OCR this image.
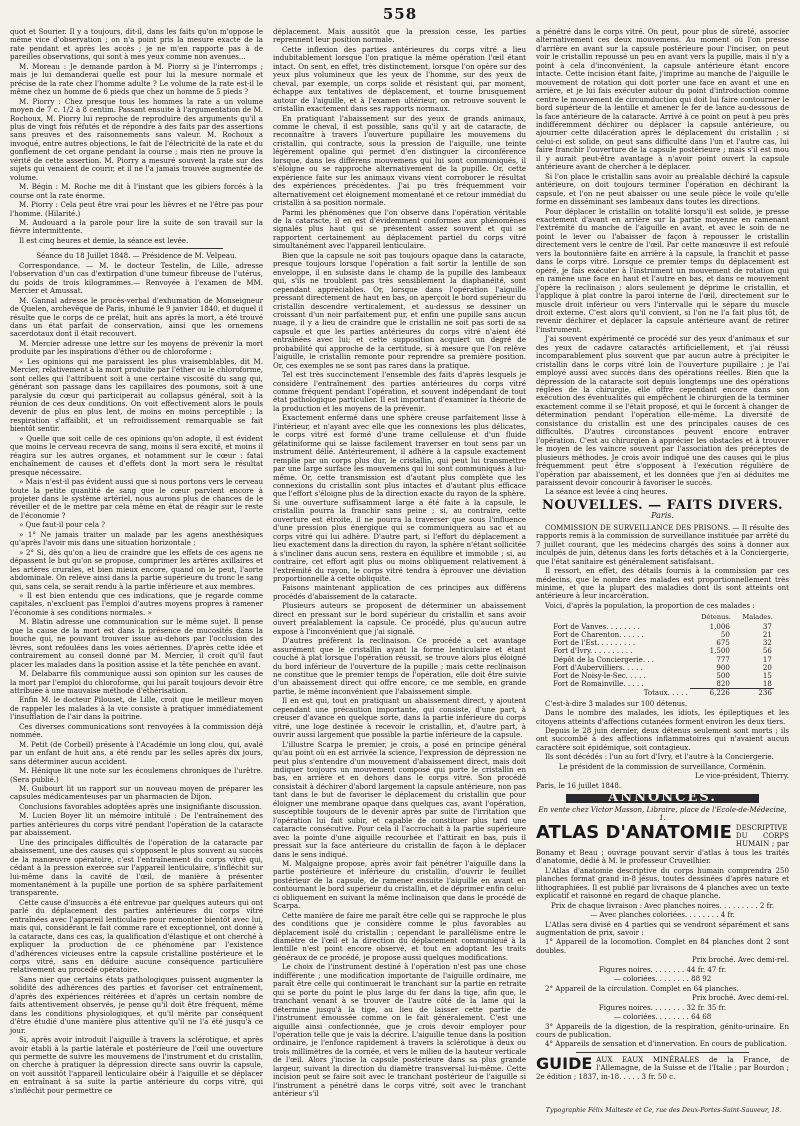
558

quot et Sourier. Il y a toujours, dit-il, dans les faits qu'on m'oppose le même vice d'observation ; on n'a point pris la mesure exacte de la rate pendant et après les accès ; je ne m'en rapporte pas à de pareilles observations, qui sont à mes yeux comme non avenues...

M. Moreau : Je demande pardon à M. Piorry si je l'interromps ; mais je lui demanderai quelle est pour lui la mesure normale et précise de la rate chez l'homme adulte ? Le volume de la rate est-il le même chez un homme de 6 pieds que chez un homme de 5 pieds ?

M. Piorry : Chez presque tous les hommes la rate a un volume moyen de 7 c. 1/2 à 8 centim. Passant ensuite à l'argumentation de M. Rochoux, M. Piorry lui reproche de reproduire des arguments qu'il a plus de vingt fois réfutés et de répondre à des faits par des assertions sans preuves et des raisonnements sans valeur. M. Rochoux a invoqué, entre autres objections, le fait de l'électricité de la rate et du gonflement de cet organe pendant la course ; mais rien ne prouve la vérité de cette assertion. M. Piorry a mesuré souvent la rate sur des sujets qui venaient de courir, et il ne l'a jamais trouvée augmentée de volume.

M. Bégin : M. Roche me dit à l'instant que les gibiers forcés à la course ont la rate énorme.

M. Piorry : Cela peut être vrai pour les lièvres et ne l'être pas pour l'homme. (Hilarité.)

M. Audouard a la parole pour lire la suite de son travail sur la fièvre intermittente.

Il est cinq heures et demie, la séance est levée.

Séance du 18 Juillet 1848. — Présidence de M. Velpeau.

Correspondance. — M. le docteur Testelin, de Lille, adresse l'observation d'un cas d'extirpation d'une tumeur fibreuse de l'utérus, du poids de trois kilogrammes.— Renvoyée à l'examen de MM. Mercier et Amussat.

M. Gannal adresse le procès-verbal d'exhumation de Monseigneur de Quelen, archevêque de Paris, inhumé le 9 janvier 1840, et duquel il résulte que le corps de ce prélat, huit ans après la mort, a été trouvé dans un état parfait de conservation, ainsi que les ornemens sacerdotaux dont il était recouvert.

M. Mercier adresse une lettre sur les moyens de prévenir la mort produite par les inspirations d'éther ou de chloroforme :

« Les opinions qui me paraissent les plus vraisemblables, dit M. Mercier, relativement à la mort produite par l'éther ou le chloroforme, sont celles qui l'attribuent soit à une certaine viscosité du sang qui, générant son passage dans les capillaires des poumons, soit à une paralysie du cœur qui participerait au collapsus général, soit à la réunion de ces deux conditions. On voit effectivement alors le pouls devenir de plus en plus lent, de moins en moins perceptible ; la respiration s'affaiblit, et un refroidissement remarquable se fait bientôt sentir.

» Quelle que soit celle de ces opinions qu'on adopte, il est évident que moins le cerveau recevra de sang, moins il sera excité, et moins il réagira sur les autres organes, et notamment sur le cœur : fatal enchaînement de causes et d'effets dont la mort sera le résultat presque nécessaire.

» Mais n'est-il pas évident aussi que si nous portons vers le cerveau toute la petite quantité de sang que le cœur parvient encore à projeter dans le système artériel, nous aurons plus de chances de le réveiller et de le mettre par cela même en état de réagir sur le reste de l'économie ?

» Que faut-il pour cela ?

» 1° Ne jamais traiter un malade par les agens anesthésiques qu'après l'avoir mis dans une situation horizontale ;

» 2° Si, dès qu'on a lieu de craindre que les effets de ces agens ne dépassent le but qu'on se propose, comprimer les artères axillaires et les artères crurales, et bien mieux encore, quand on le peut, l'aorte abdominale. On relève ainsi dans la partie supérieure du tronc le sang qui, sans cela, se serait rendu à la partie inférieure et aux membres.

» Il est bien entendu que ces indications, que je regarde comme capitales, n'excluent pas l'emploi d'autres moyens propres à ramener l'économie à ses conditions normales. »

M. Blatin adresse une communication sur le même sujet. Il pense que la cause de la mort est dans la présence de mucosités dans la bouche qui, ne pouvant trouver issue au-dehors par l'occlusion des lèvres, sont refoulées dans les voies aériennes. D'après cette idée et contrairement au conseil donné par M. Mercier, il croit qu'il faut placer les malades dans la position assise et la tête penchée en avant.

M. Delabarre fils communique aussi son opinion sur les causes de la mort par l'emploi du chloroforme, qui lui paraît toujours devoir être attribuée à une mauvaise méthode d'éthérisation.

Enfin M. le docteur Pilouset, de Lille, croit que le meilleur moyen de rappeler les malades à la vie consiste à pratiquer immédiatement l'insufflation de l'air dans la poitrine.

Ces diverses communications sont renvoyées à la commission déjà nommée.

M. Petit (de Corbeil) présente à l'Académie un long clou, qui, avalé par un enfant de huit ans, a été rendu par les selles après dix jours, sans déterminer aucun accident.

M. Hénique lit une note sur les écoulemens chroniques de l'urètre. (Sera publié.)

M. Guibourt lit un rapport sur un nouveau moyen de préparer les capsules médicamenteuses par un pharmacien de Dijon.

Conclusions favorables adoptées après une insignifiante discussion.

M. Lucien Boyer lit un mémoire intitulé : De l'entraînement des parties antérieures du corps vitré pendant l'opération de la cataracte par abaissement.

Une des principales difficultés de l'opération de la cataracte par abaissement, une des causes qui s'opposent le plus souvent au succès de la manœuvre opératoire, c'est l'entraînement du corps vitré qui, cédant à la pression exercée sur l'appareil lenticulaire, s'infléchit sur lui-même dans la cavité de l'œil, de manière à présenter momentanément à la pupille une portion de sa sphère parfaitement transparente.

Cette cause d'insuccès a été entrevue par quelques auteurs qui ont parlé du déplacement des parties antérieures du corps vitré entraînées avec l'appareil lenticulaire pour remonter bientôt avec lui, mais qui, considérant le fait comme rare et exceptionnel, ont donné à la cataracte, dans ces cas, la qualification d'élastique et ont cherché à expliquer la production de ce phénomène par l'existence d'adhérences vicieuses entre la capsule cristalline postérieure et le corps vitré, sans en déduire aucune conséquence particulière relativement au procédé opératoire.

Sans nier que certains états pathologiques puissent augmenter la solidité des adhérences des parties et favoriser cet entraînement, d'après des expériences réitérées et d'après un certain nombre de faits attentivement observés, je pense qu'il doit être fréquent, même dans les conditions physiologiques, et qu'il mérite par conséquent d'être étudié d'une manière plus attentive qu'il ne l'a été jusqu'à ce jour.

Si, après avoir introduit l'aiguille à travers la sclérotique, et après avoir établi à la partie latérale et postérieure de l'œil une ouverture qui permette de suivre les mouvemens de l'instrument et du cristallin, on cherche à pratiquer la dépression directe sans ouvrir la capsule, on voit aussitôt l'appareil lenticulaire obéir à l'aiguille et se déplacer en entraînant à sa suite la partie antérieure du corps vitré, qui s'infléchit pour permettre ce

déplacement. Mais aussitôt que la pression cesse, les parties reprennent leur position normale.

Cette inflexion des parties antérieures du corps vitré a lieu indubitablement lorsque l'on pratique la même opération l'œil étant intact. On sent, en effet, très distinctement, lorsque l'on opère sur des yeux plus volumineux que les yeux de l'homme, sur des yeux de cheval, par exemple, un corps solide et résistant qui, par moment, échappe aux tentatives de déplacement, et tourne brusquement autour de l'aiguille, et à l'examen ultérieur, on retrouve souvent le cristallin exactement dans ses rapports normaux.

En pratiquant l'abaissement sur des yeux de grands animaux, comme le cheval, il est possible, sans qu'il y ait de cataracte, de reconnaître à travers l'ouverture pupillaire les mouvemens du cristallin, qui contracte, sous la pression de l'aiguille, une teinte légèrement opaline qui permet d'en distinguer la circonférence lorsque, dans les différens mouvemens qui lui sont communiqués, il s'éloigne ou se rapproche alternativement de la pupille. Or, cette expérience faite sur les animaux vivans vient corroborer le résultat des expériences précédentes. J'ai pu très fréquemment voir alternativement cet éloignement momentané et ce retour immédiat du cristallin à sa position normale.

Parmi les phénomènes que l'on observe dans l'opération véritable de la cataracte, il en est d'évidemment conformes aux phénomènes signalés plus haut qui se présentent assez souvent et qui se rapportent certainement au déplacement partiel du corps vitré simultanément avec l'appareil lenticulaire.

Bien que la capsule ne soit pas toujours opaque dans la cataracte, presque toujours lorsque l'opération a fait sortir la lentille de son enveloppe, il en subsiste dans le champ de la pupille des lambeaux qui, s'ils ne troublent pas très sensiblement la diaphanéité, sont cependant appréciables. Or, lorsque dans l'opération l'aiguille pressant directement de haut en bas, on aperçoit le bord supérieur du cristallin descendre verticalement, et au-dessus se dessiner un croissant d'un noir parfaitement pur, et enfin une pupille sans aucun nuage, il y a lieu de craindre que le cristallin ne soit pas sorti de sa capsule et que les parties antérieures du corps vitré n'aient été entraînées avec lui; et cette supposition acquiert un degré de probabilité qui approche de la certitude, si à mesure que l'on relève l'aiguille, le cristallin remonte pour reprendre sa première position. Or, ces exemples ne se sont pas rares dans la pratique.

Tel est très succinctement l'ensemble des faits d'après lesquels je considère l'entraînement des parties antérieures du corps vitré comme fréquent pendant l'opération, et souvent indépendant de tout état pathologique particulier. Il est important d'examiner la théorie de la production et les moyens de la prévenir.

Exactement enfermé dans une sphère creuse parfaitement lisse à l'intérieur, et n'ayant avec elle que les connexions les plus délicates, le corps vitré est formé d'une trame celluleuse et d'un fluide gélatiniforme qui se laisse facilement traverser en tout sens par un instrument délié. Antérieurement, il adhère à la capsule exactement remplie par un corps plus dur, le cristallin, qui peut lui transmettre par une large surface les mouvemens qui lui sont communiqués à lui-même. Or, cette transmission est d'autant plus complète que les connexions du cristallin sont plus intactes et d'autant plus efficace que l'effort s'éloigne plus de la direction exacte du rayon de la sphère. Si une ouverture suffisamment large a été faite à la capsule, le cristallin pourra la franchir sans peine ; si, au contraire, cette ouverture est étroite, il ne pourra la traverser que sous l'influence d'une pression plus énergique qui se communiquera au sac et au corps vitré qui lui adhère. D'autre part, si l'effort du déplacement a lieu exactement dans la direction du rayon, la sphère n'étant sollicitée à s'incliner dans aucun sens, restera en équilibre et immobile ; si, au contraire, cet effort agit plus ou moins obliquement relativement à l'extrémité du rayon, le corps vitré tendra à éprouver une déviation proportionnelle à cette obliquité.

Faisons maintenant application de ces principes aux différens procédés d'abaissement de la cataracte.

Plusieurs auteurs se proposent de déterminer un abaissement direct en pressant sur le bord supérieur du cristallin et sans avoir ouvert préalablement la capsule. Ce procédé, plus qu'aucun autre expose à l'inconvénient que j'ai signalé.

D'autres préfèrent la reclinaison. Ce procédé a cet avantage assurément que le cristallin ayant la forme lenticulaire et étant couché à plat lorsque l'opération réussit, se trouve alors plus éloigné du bord inférieur de l'ouverture de la pupille ; mais cette reclinaison ne constitue que le premier temps de l'opération, elle doit être suivie d'un abaissement direct qui offre encore, ce me semble, en grande partie, le même inconvénient que l'abaissement simple.

Il en est qui, tout en pratiquant un abaissement direct, y ajoutent cependant une précaution importante, qui consiste, d'une part, à creuser d'avance en quelque sorte, dans la partie inférieure du corps vitré, une loge destinée à recevoir le cristallin, et, d'autre part, à ouvrir aussi largement que possible la partie inférieure de la capsule.

L'illustre Scarpa le premier, je crois, a posé en principe général qu'au point où en est arrivée la science, l'expression de dépression ne peut plus s'entendre d'un mouvement d'abaissement direct, mais doit indiquer toujours un mouvement composé qui porte le cristallin en bas, en arrière et en dehors dans le corps vitré. Son procédé consistait à déchirer d'abord largement la capsule antérieure, non pas tant dans le but de favoriser le déplacement du cristallin que pour éloigner une membrane opaque dans quelques cas, avant l'opération, susceptible toujours de le devenir après par suite de l'irritation que l'opération lui fait subir, et capable de constituer plus tard une cataracte consécutive. Pour cela il l'accrochait à la partie supérieure avec la pointe d'une aiguille recourbée et l'attirait en bas, puis il pressait sur la face antérieure du cristallin de façon à le déplacer dans le sens indiqué.

M. Malgaigne propose, après avoir fait pénétrer l'aiguille dans la partie postérieure et inférieure du cristallin, d'ouvrir le feuillet postérieur de la capsule, de ramener ensuite l'aiguille en avant en contournant le bord supérieur du cristallin, et de déprimer enfin celui-ci obliquement en suivant la même inclinaison que dans le procédé de Scarpa.

Cette manière de faire me paraît être celle qui se rapproche le plus des conditions que je considère comme le plus favorables au déplacement isolé du cristallin ; cependant le parallélisme entre le diamètre de l'œil et la direction du déplacement communiqué à la lentille n'est point encore observé, et tout en adoptant les traits généraux de ce procédé, je propose aussi quelques modifications.

Le choix de l'instrument destiné à l'opération n'est pas une chose indifférente ; une modification importante de l'aiguille ordinaire, me paraît être celle qui continuerait le tranchant sur la partie en retraite qui se porte du point le plus large du fer dans la tige, afin que, le tranchant venant à se trouver de l'autre côté de la lame qui la détermine jusqu'à la tige, au lieu de laisser cette partie de l'instrument émoussée comme on le fait généralement. C'est une aiguille ainsi confectionnée, que je crois devoir employer pour l'opération telle que je vais la décrire. L'aiguille tenue dans la position ordinaire, je l'enfonce rapidement à travers la sclérotique à deux ou trois millimètres de la cornée, et vers le milieu de la hauteur verticale de l'œil. Alors j'incise la capsule postérieure dans sa plus grande largeur, suivant la direction du diamètre transversal lui-même. Cette incision peut se faire soit avec le tranchant postérieur de l'aiguille si l'instrument a pénétré dans le corps vitré, soit avec le tranchant antérieur s'il

a pénétré dans le corps vitré. On peut, pour plus de sûreté, associer alternativement ces deux mouvemens. Au moment où l'on presse d'arrière en avant sur la capsule postérieure pour l'inciser, on peut voir le cristallin repoussé un peu en avant vers la pupille, mais il n'y a point à cela d'inconvénient, la capsule antérieure étant encore intacte. Cette incision étant faite, j'imprime au manche de l'aiguille le mouvement de rotation qui doit porter une face en avant et une en arrière, et je lui fais exécuter autour du point d'introduction comme centre le mouvement de circumduction qui doit lui faire contourner le bord supérieur de la lentille et amener le fer de lance au-dessous de la face antérieure de la cataracte. Arrivé à ce point on peut à peu près indifféremment déchirer ou déplacer la capsule antérieure, ou ajourner cette dilacération après le déplacement du cristallin ; si celui-ci est solide, on peut sans difficulté dans l'un et l'autre cas, lui faire franchir l'ouverture de la capsule postérieure ; mais s'il est mou il y aurait peut-être avantage à n'avoir point ouvert la capsule antérieure avant de chercher à le déplacer.

Si l'on place le cristallin sans avoir au préalable déchiré la capsule antérieure, on doit toujours terminer l'opération en déchirant la capsule, et l'on ne peut abaisser ou une seule pièce le voile qu'elle forme en disséminant ses lambeaux dans toutes les directions.

Pour déplacer le cristallin on totalité lorsqu'il est solide, je presse exactement d'avant en arrière sur la partie moyenne en ramenant l'extrémité du manche de l'aiguille en avant, et avec le soin de ne point le lever ou l'abaisser de façon à repousser le cristallin directement vers le centre de l'œil. Par cette manœuvre il est refoulé vers la boutonnière faite en arrière à la capsule, la franchit et passe dans le corps vitré. Lorsque ce premier temps du déplacement est opéré, je fais exécuter à l'instrument un mouvement de rotation qui en ramène une face en haut et l'autre en bas, et dans ce mouvement j'opère la reclinaison ; alors seulement je déprime le cristallin, et l'applique à plat contre la paroi interne de l'œil, directement sur le muscle droit inférieur ou vers l'intervalle qui le sépare du muscle droit externe. C'est alors qu'il convient, si l'on ne l'a fait plus tôt, de revenir déchirer et déplacer la capsule antérieure avant de retirer l'instrument.

J'ai souvent expérimenté ce procédé sur des yeux d'animaux et sur des yeux de cadavre cataractés artificiellement, et j'ai réussi incomparablement plus souvent que par aucun autre à précipiter le cristallin dans le corps vitré loin de l'ouverture pupillaire ; je l'ai employé aussi avec succès dans des opérations réelles. Bien que la dépression de la cataracte soit depuis longtemps une des opérations réglées de la chirurgie, elle offre cependant encore dans son exécution des éventualités qui empêchent le chirurgien de la terminer exactement comme il se l'était proposé, et qui le forcent à changer de détermination pendant l'opération elle-même. La diversité de consistance du cristallin est une des principales causes de ces difficultés. D'autres circonstances peuvent encore entraver l'opération. C'est au chirurgien à apprécier les obstacles et à trouver le moyen de les vaincre souvent par l'association des préceptes de plusieurs méthodes. Je crois avoir indiqué une des causes qui le plus fréquemment peut être s'opposent à l'exécution régulière de l'opération par abaissement, et les données que j'en ai déduites me paraissent devoir concourir à favoriser le succès.

La séance est levée à cinq heures.

NOUVELLES. — FAITS DIVERS.
Paris.

COMMISSION DE SURVEILLANCE DES PRISONS. — Il résulte des rapports remis à la commission de surveillance instituée par arrêté du 7 juillet courant, que les médecins chargés des soins à donner aux inculpés de juin, détenus dans les forts détachés et à la Conciergerie, que l'état sanitaire est généralement satisfaisant.

Il ressort, en effet, des détails fournis à la commission par ces médecins, que le nombre des malades est proportionnellement très minime, et que la plupart des maladies dont ils sont atteints ont antérieure à leur incarcération.

Voici, d'après la population, la proportion de ces malades :

	Détenus.	Malades.
Fort de Vanves. . . . . . . .	1,006	37
Fort de Charenton. . . . . .	50	21
Fort de l'Est. . . . . . . . .	675	32
Fort d'Ivry. . . . . . . . . .	1,500	56
Dépôt de la Conciergerie. . .	777	17
Fort d'Aubervilliers. . . . .	900	20
Fort de Noisy-le-Sec. . . . .	500	15
Fort de Romainville. . . . .	820	18
Totaux. . . . .	6,226	236

C'est-à-dire 3 malades sur 100 détenus.

Dans le nombre des malades, les idiots, les épileptiques et les citoyens atteints d'affections cutanées forment environ les deux tiers.

Depuis le 28 juin dernier, deux détenus seulement sont morts ; ils ont succombé à des affections inflammatoires qui n'avaient aucun caractère soit épidémique, soit contagieux.

Ils sont décédés : l'un au fort d'Ivry, et l'autre à la Conciergerie.

Le président de la commission de surveillance, Corménin.

Le vice-président, Thierry.

Paris, le 16 juillet 1848.

ANNONCES.

En vente chez Victor Masson, Libraire, place de l'Ecole-de-Médecine, 1.

ATLAS D'ANATOMIE DESCRIPTIVE DU CORPS HUMAIN ; par Bonamy et Beau ; ouvrage pouvant servir d'atlas à tous les traités d'anatomie, dédié à M. le professeur Cruveilhier.

L'Atlas d'anatomie descriptive du corps humain comprendra 250 planches format grand in-8 jésus, toutes dessinées d'après nature et lithographiées. Il est publié par livraisons de 4 planches avec un texte explicatif et raisonné en regard de chaque planche.

Prix de chaque livraison : Avec planches noires. . . . . . . . . 2 fr.

— Avec planches coloriées. . . . . . . . 4 fr.

L'Atlas sera divisé en 4 parties qui se vendront séparément et sans augmentation de prix, savoir :

1° Appareil de la locomotion. Complet en 84 planches dont 2 sont doubles.

Prix broché. Avec demi-rel.

Figures noires. . . . . . . . 44 fr. 47 fr.

— coloriées. . . . . . . . 88 92

2° Appareil de la circulation. Complet en 64 planches.

Prix broché. Avec demi-rel.

Figures noires. . . . . . . . 32 fr. 35 fr.

— coloriées. . . . . . . . 64 68

3° Appareils de la digestion, de la respiration, génito-urinaire. En cours de publication.

4° Appareils de sensation et d'innervation. En cours de publication.

GUIDE AUX EAUX MINÉRALES de la France, de l'Allemagne, de la Suisse et de l'Italie ; par Bourdon ; 2e édition ; 1837, in-18. . . . . 3 fr. 50 c.

Typographie Félix Malteste et Ce, rue des Deux-Portes-Saint-Sauveur, 18.
